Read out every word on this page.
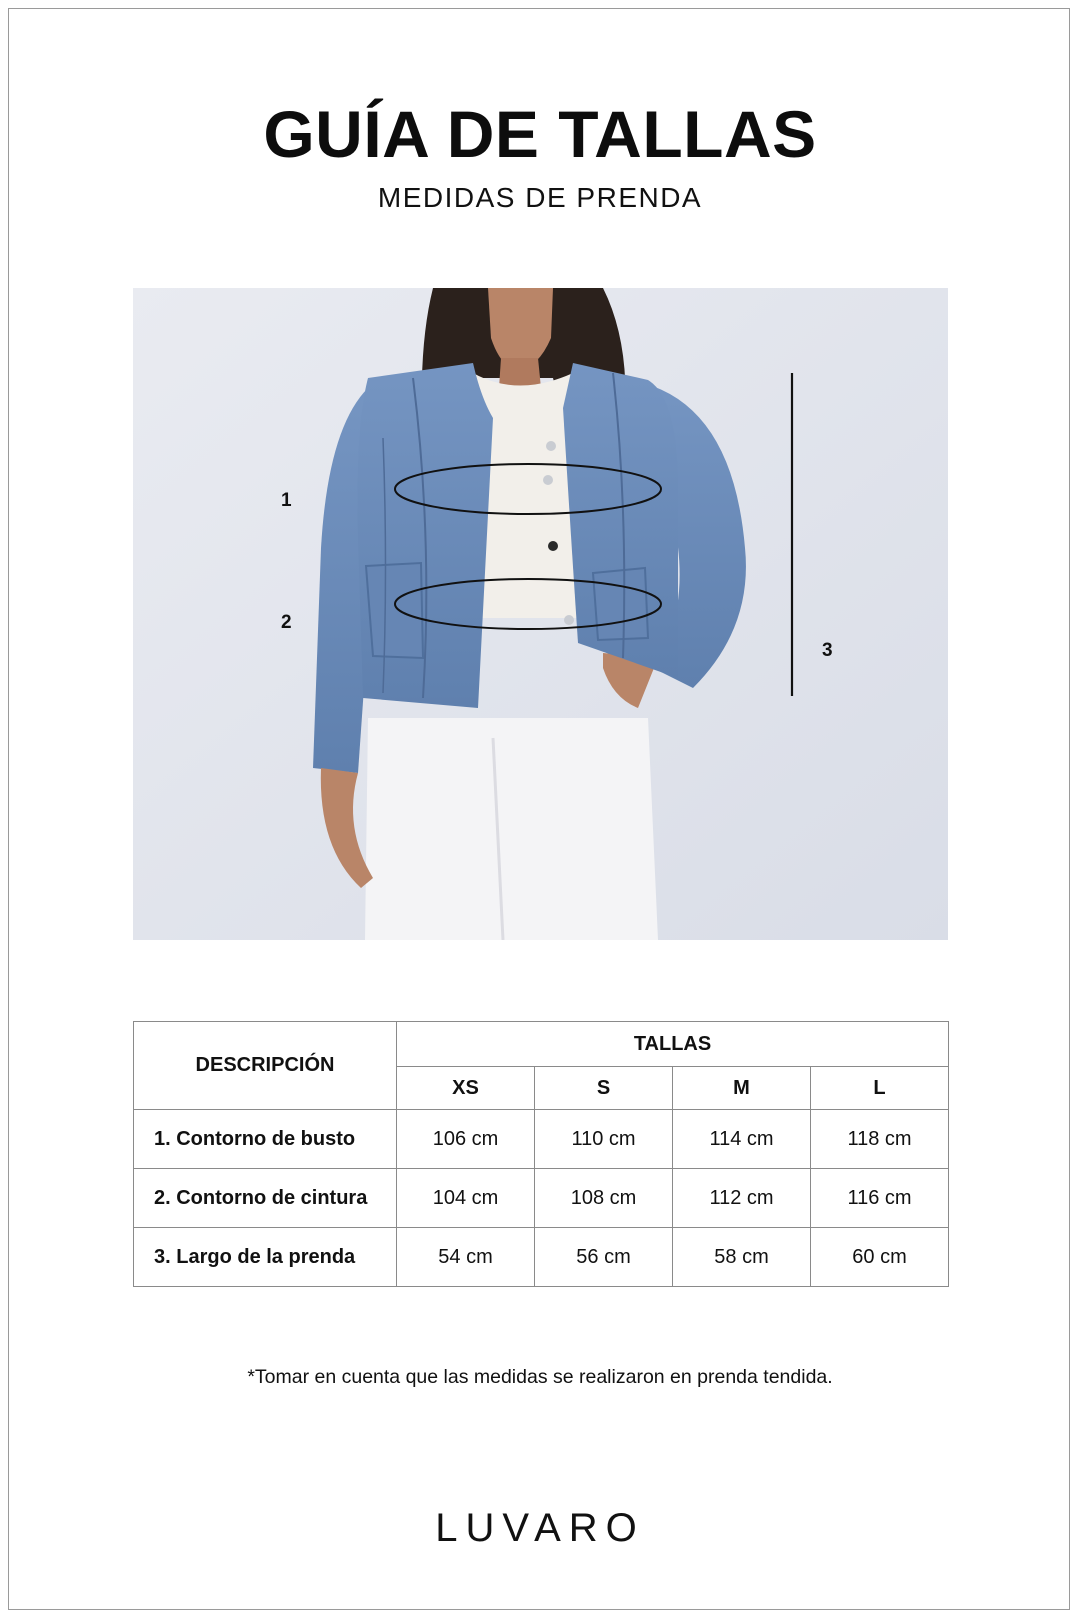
GUÍA DE TALLAS
MEDIDAS DE PRENDA
1
2
3
DESCRIPCIÓN	TALLAS			
	XS	S	M	L
1. Contorno de busto	106 cm	110 cm	114 cm	118 cm
2. Contorno de cintura	104 cm	108 cm	112 cm	116 cm
3. Largo de la prenda	54 cm	56 cm	58 cm	60 cm
*Tomar en cuenta que las medidas se realizaron en prenda tendida.
LUVARO
